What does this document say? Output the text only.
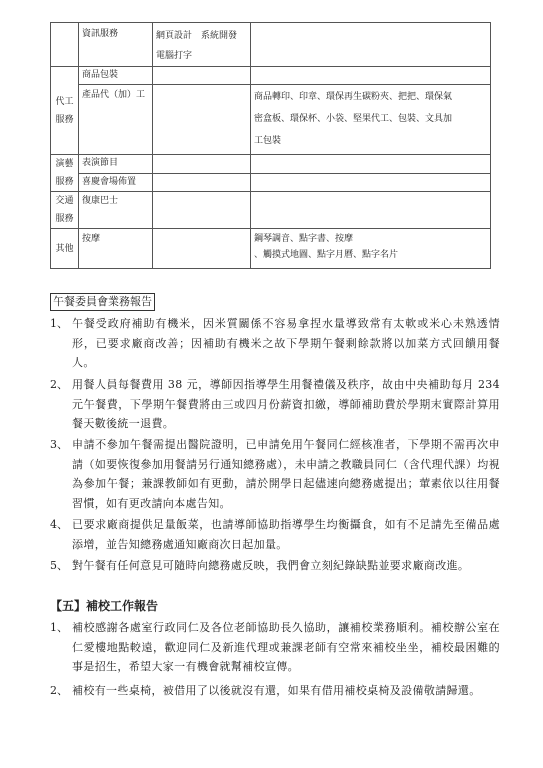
	資訊服務	網頁設計　系統開發　電腦打字	
代工服務	商品包裝		
	產品代（加）工		商品轉印、印章、環保再生碳粉夾、把把、環保氣
密盒板、環保杯、小袋、堅果代工、包裝、文具加
工包裝

演藝服務	表演節目		
	喜慶會場佈置		
交通服務	復康巴士		
其他	按摩		鋼琴調音、點字書、按摩
、觸摸式地圖、點字月曆、點字名片
午餐委員會業務報告
1、 午餐受政府補助有機米，因米質關係不容易拿捏水量導致常有太軟或米心未熟透情形，已要求廠商改善；因補助有機米之故下學期午餐剩餘款將以加菜方式回饋用餐人。
2、 用餐人員每餐費用 38 元，導師因指導學生用餐禮儀及秩序，故由中央補助每月 234 元午餐費，下學期午餐費將由三或四月份薪資扣繳，導師補助費於學期末實際計算用餐天數後統一退費。
3、 申請不參加午餐需提出醫院證明，已申請免用午餐同仁經核准者，下學期不需再次申請（如要恢復參加用餐請另行通知總務處），未申請之教職員同仁（含代理代課）均視為參加午餐；兼課教師如有更動，請於開學日起儘速向總務處提出；葷素依以往用餐習慣，如有更改請向本處告知。
4、 已要求廠商提供足量飯菜，也請導師協助指導學生均衡攝食，如有不足請先至備品處添增，並告知總務處通知廠商次日起加量。
5、 對午餐有任何意見可隨時向總務處反映，我們會立刻紀錄缺點並要求廠商改進。
【五】補校工作報告
1、 補校感謝各處室行政同仁及各位老師協助長久協助，讓補校業務順利。補校辦公室在仁愛樓地點較遠，歡迎同仁及新進代理或兼課老師有空常來補校坐坐，補校最困難的事是招生，希望大家一有機會就幫補校宣傳。
2、 補校有一些桌椅，被借用了以後就沒有還，如果有借用補校桌椅及設備敬請歸還。
